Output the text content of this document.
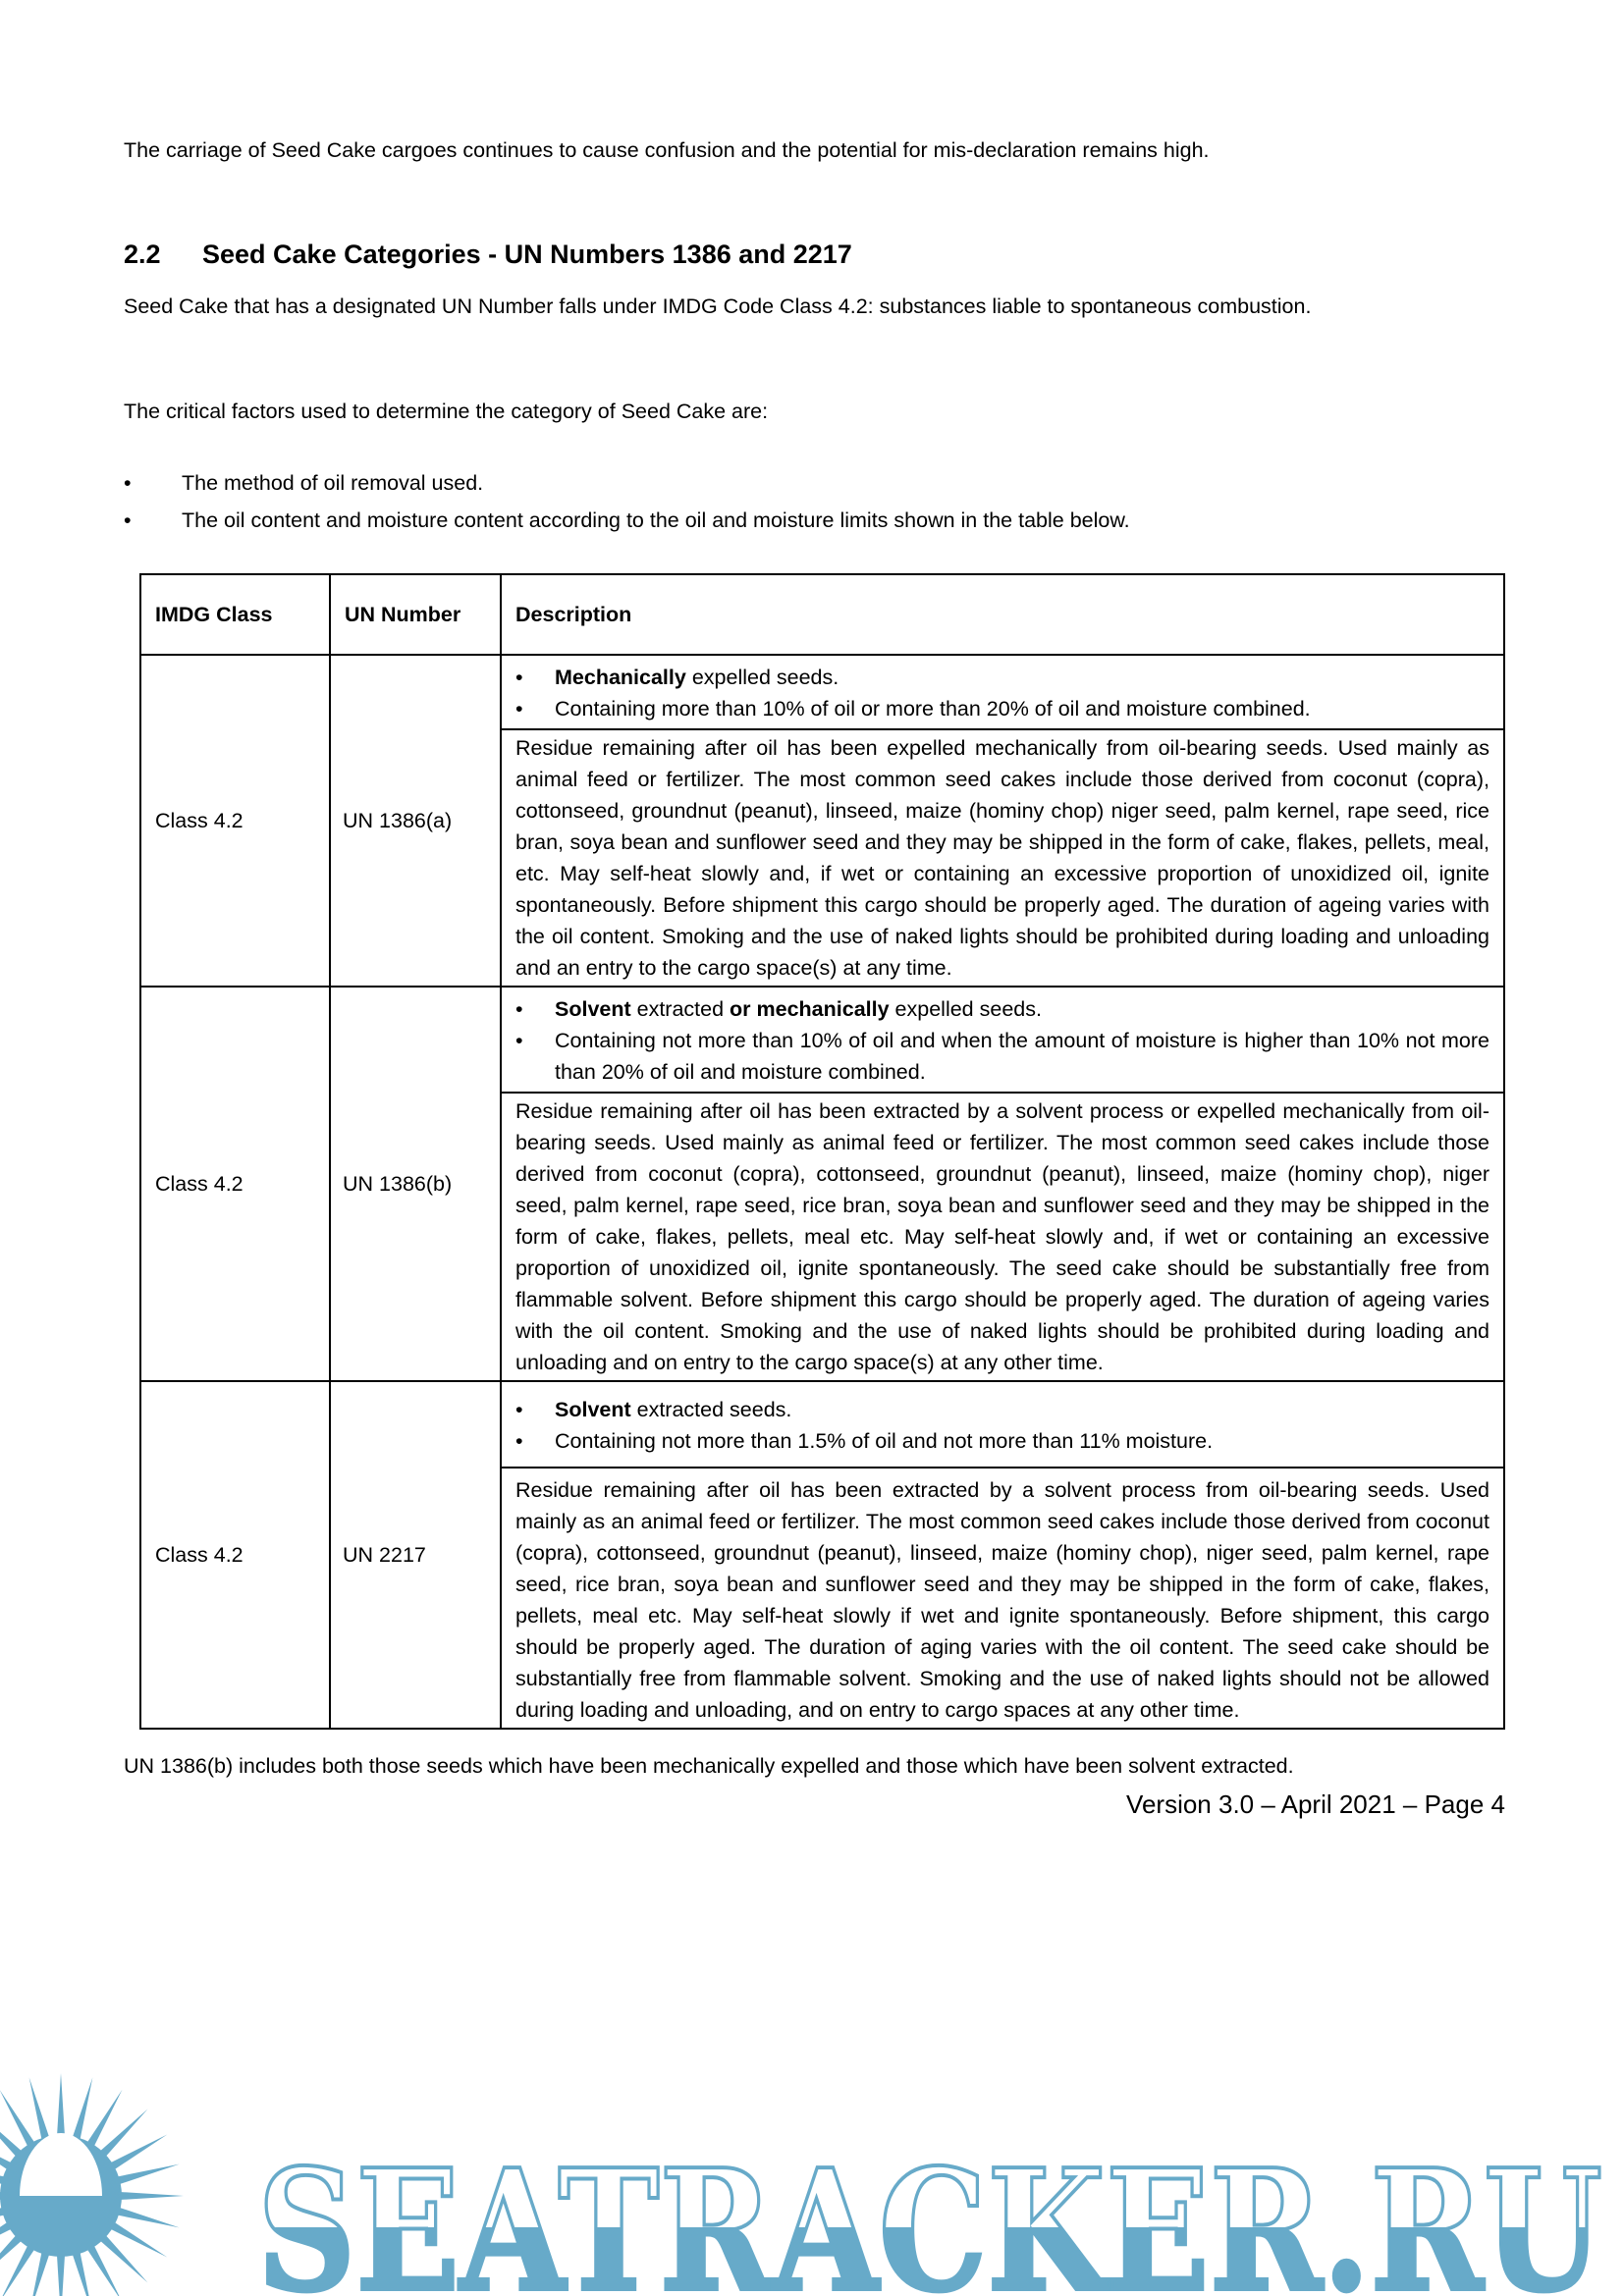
The carriage of Seed Cake cargoes continues to cause confusion and the potential for mis-declaration remains high.
2.2 Seed Cake Categories - UN Numbers 1386 and 2217
Seed Cake that has a designated UN Number falls under IMDG Code Class 4.2: substances liable to spontaneous combustion.
The critical factors used to determine the category of Seed Cake are:
• The method of oil removal used.
• The oil content and moisture content according to the oil and moisture limits shown in the table below.
IMDG Class	UN Number	Description
Class 4.2	UN 1386(a)	• Mechanically expelled seeds.
• Containing more than 10% of oil or more than 20% of oil and moisture combined.
Residue remaining after oil has been expelled mechanically from oil-bearing seeds. Used mainly as animal feed or fertilizer. The most common seed cakes include those derived from coconut (copra), cottonseed, groundnut (peanut), linseed, maize (hominy chop) niger seed, palm kernel, rape seed, rice bran, soya bean and sunflower seed and they may be shipped in the form of cake, flakes, pellets, meal, etc. May self-heat slowly and, if wet or containing an excessive proportion of unoxidized oil, ignite spontaneously. Before shipment this cargo should be properly aged. The duration of ageing varies with the oil content. Smoking and the use of naked lights should be prohibited during loading and unloading and an entry to the cargo space(s) at any time.

Class 4.2	UN 1386(b)	• Solvent extracted or mechanically expelled seeds.
• Containing not more than 10% of oil and when the amount of moisture is higher than 10% not more than 20% of oil and moisture combined.
Residue remaining after oil has been extracted by a solvent process or expelled mechanically from oil-bearing seeds. Used mainly as animal feed or fertilizer. The most common seed cakes include those derived from coconut (copra), cottonseed, groundnut (peanut), linseed, maize (hominy chop), niger seed, palm kernel, rape seed, rice bran, soya bean and sunflower seed and they may be shipped in the form of cake, flakes, pellets, meal etc. May self-heat slowly and, if wet or containing an excessive proportion of unoxidized oil, ignite spontaneously. The seed cake should be substantially free from flammable solvent. Before shipment this cargo should be properly aged. The duration of ageing varies with the oil content. Smoking and the use of naked lights should be prohibited during loading and unloading and on entry to the cargo space(s) at any other time.

Class 4.2	UN 2217	• Solvent extracted seeds.
• Containing not more than 1.5% of oil and not more than 11% moisture.
Residue remaining after oil has been extracted by a solvent process from oil-bearing seeds. Used mainly as an animal feed or fertilizer. The most common seed cakes include those derived from coconut (copra), cottonseed, groundnut (peanut), linseed, maize (hominy chop), niger seed, palm kernel, rape seed, rice bran, soya bean and sunflower seed and they may be shipped in the form of cake, flakes, pellets, meal etc. May self-heat slowly if wet and ignite spontaneously. Before shipment, this cargo should be properly aged. The duration of aging varies with the oil content. The seed cake should be substantially free from flammable solvent. Smoking and the use of naked lights should not be allowed during loading and unloading, and on entry to cargo spaces at any other time.
UN 1386(b) includes both those seeds which have been mechanically expelled and those which have been solvent extracted.
Version 3.0 – April 2021 – Page 4
SEATRACKER.RU
